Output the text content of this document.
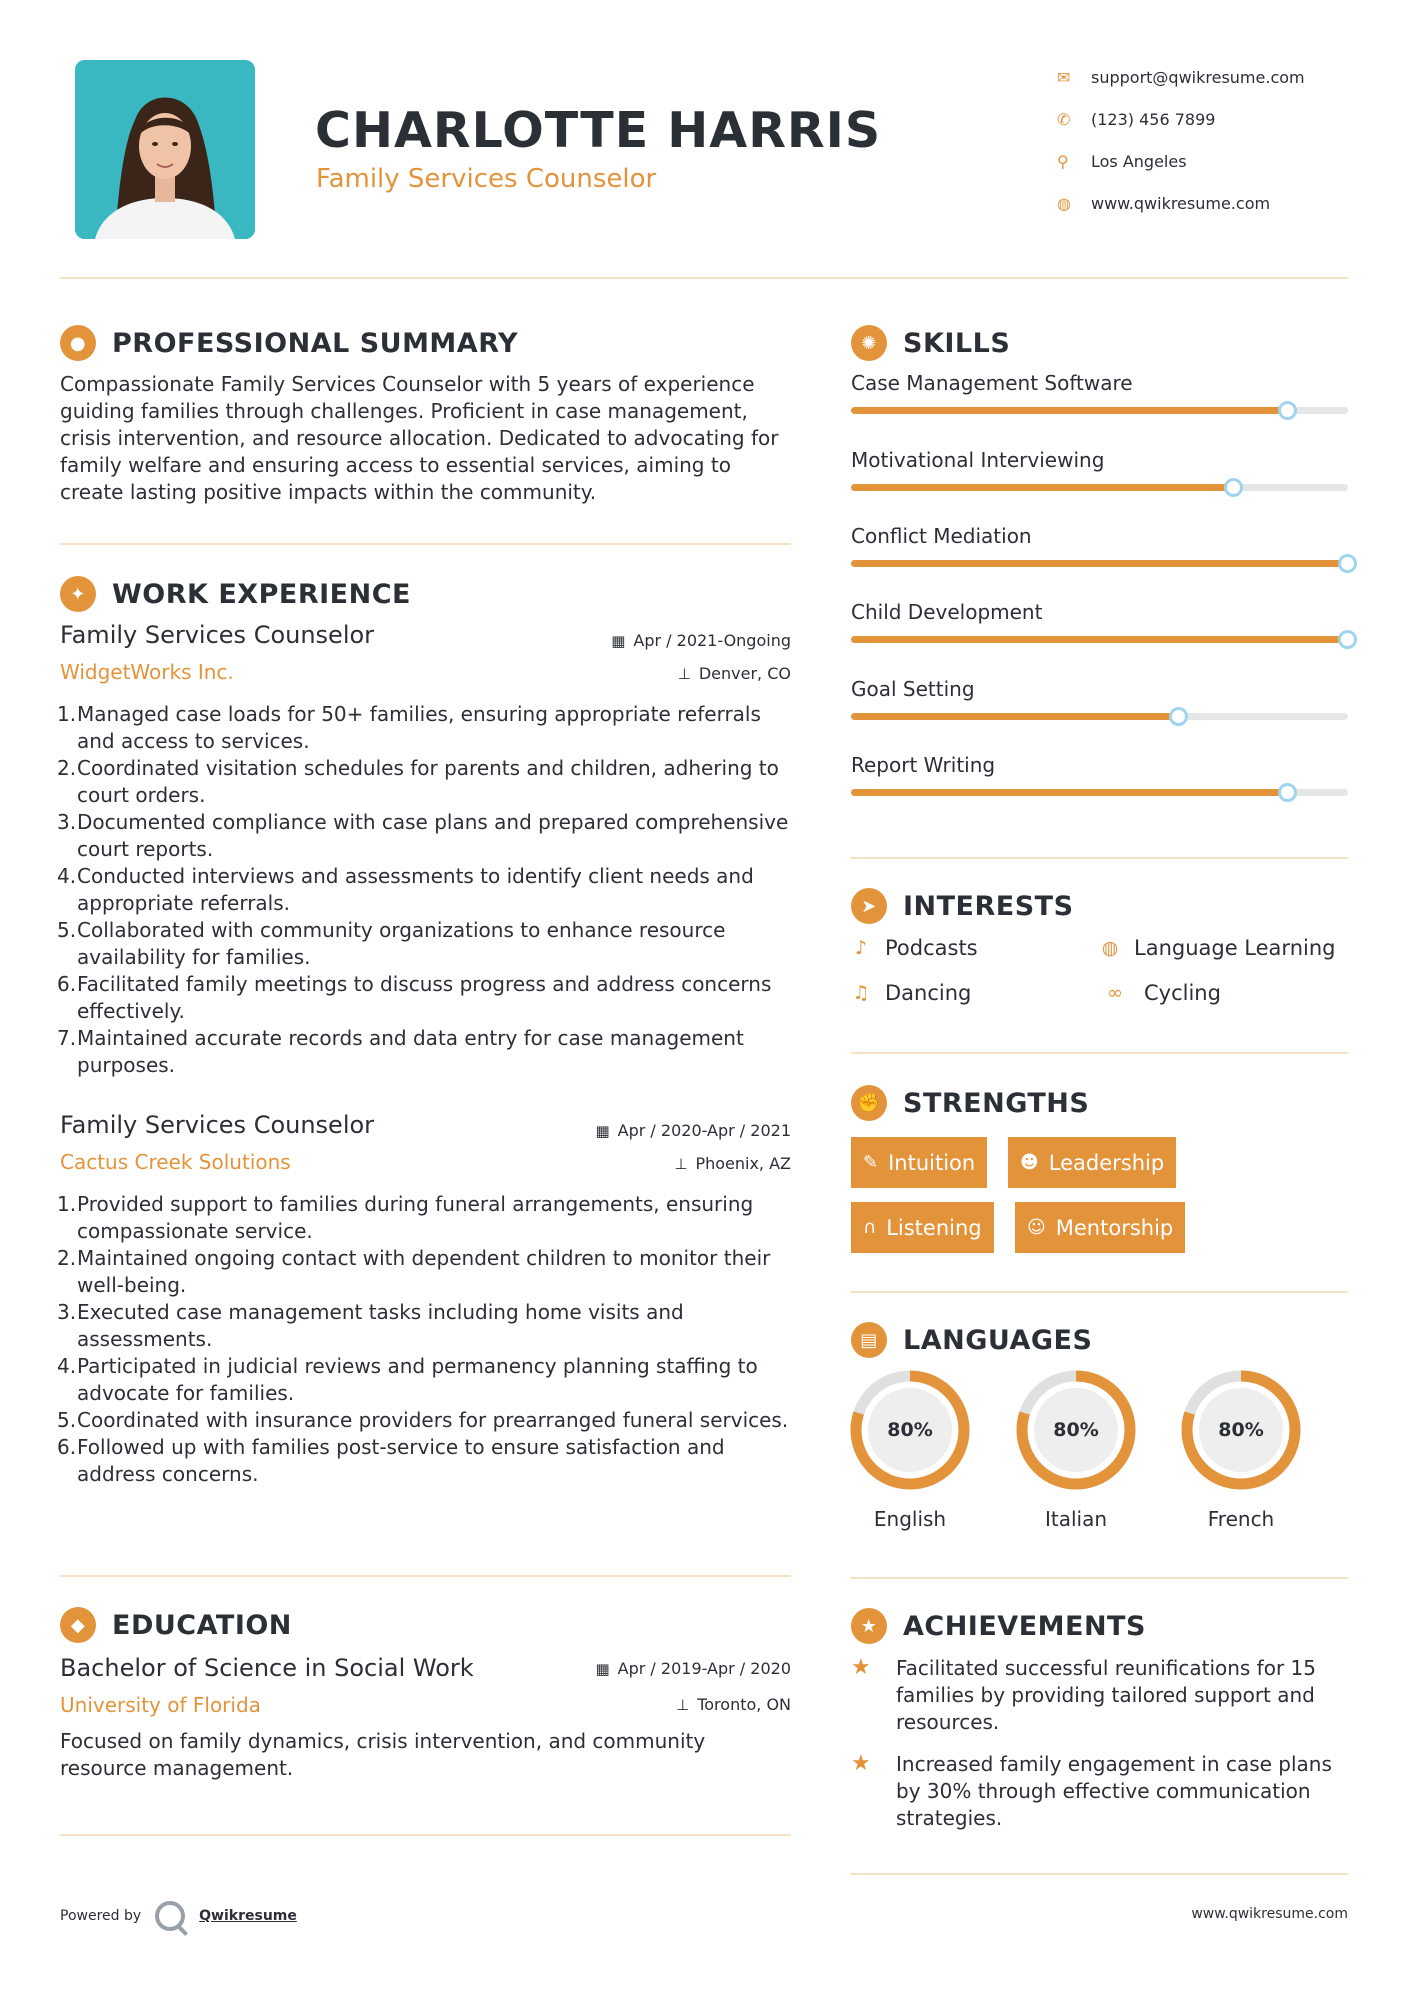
CHARLOTTE HARRIS
Family Services Counselor
✉	support@qwikresume.com
✆	(123) 456 7899
⚲	Los Angeles
◍	www.qwikresume.com
● PROFESSIONAL SUMMARY
Compassionate Family Services Counselor with 5 years of experience guiding families through challenges. Proficient in case management, crisis intervention, and resource allocation. Dedicated to advocating for family welfare and ensuring access to essential services, aiming to create lasting positive impacts within the community.
✦ WORK EXPERIENCE
Family Services Counselor	▦ Apr / 2021-Ongoing
WidgetWorks Inc.	⊥ Denver, CO
1. Managed case loads for 50+ families, ensuring appropriate referrals and access to services.
2. Coordinated visitation schedules for parents and children, adhering to court orders.
3. Documented compliance with case plans and prepared comprehensive court reports.
4. Conducted interviews and assessments to identify client needs and appropriate referrals.
5. Collaborated with community organizations to enhance resource availability for families.
6. Facilitated family meetings to discuss progress and address concerns effectively.
7. Maintained accurate records and data entry for case management purposes.
Family Services Counselor	▦ Apr / 2020-Apr / 2021
Cactus Creek Solutions	⊥ Phoenix, AZ
1. Provided support to families during funeral arrangements, ensuring compassionate service.
2. Maintained ongoing contact with dependent children to monitor their well-being.
3. Executed case management tasks including home visits and assessments.
4. Participated in judicial reviews and permanency planning staffing to advocate for families.
5. Coordinated with insurance providers for prearranged funeral services.
6. Followed up with families post-service to ensure satisfaction and address concerns.
◆ EDUCATION
Bachelor of Science in Social Work	▦ Apr / 2019-Apr / 2020
University of Florida	⊥ Toronto, ON
Focused on family dynamics, crisis intervention, and community resource management.
✺ SKILLS
Case Management Software
Motivational Interviewing
Conflict Mediation
Child Development
Goal Setting
Report Writing
➤ INTERESTS
♪ Podcasts	◍ Language Learning
♫ Dancing	∞	Cycling
✊ STRENGTHS
✎ Intuition ☻ Leadership
∩ Listening	☺ Mentorship
▤ LANGUAGES
80%
English
80%
Italian
80%
French
★ ACHIEVEMENTS
★	Facilitated successful reunifications for 15 families by providing tailored support and resources.
★	Increased family engagement in case plans by 30% through effective communication strategies.
Powered by	Qwikresume	www.qwikresume.com
